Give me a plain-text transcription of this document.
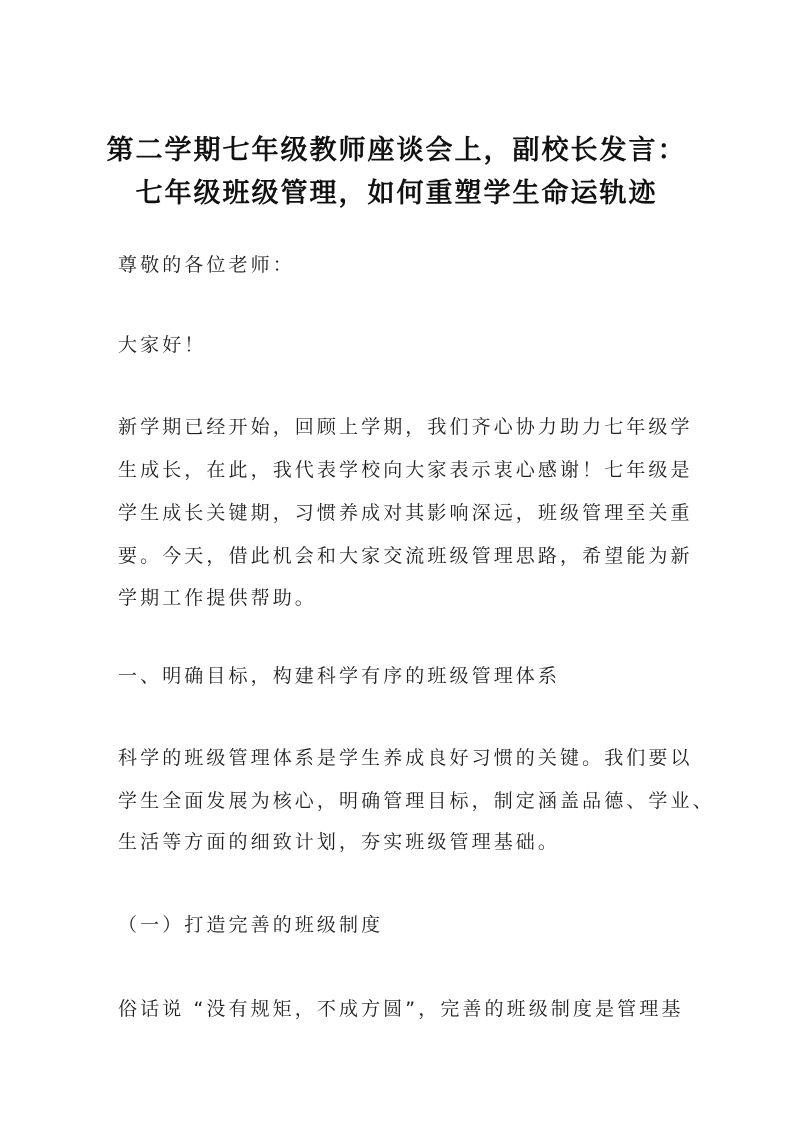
第二学期七年级教师座谈会上，副校长发言：
七年级班级管理，如何重塑学生命运轨迹
尊敬的各位老师：
大家好！
新学期已经开始，回顾上学期，我们齐心协力助力七年级学
生成长，在此，我代表学校向大家表示衷心感谢！七年级是
学生成长关键期，习惯养成对其影响深远，班级管理至关重
要。今天，借此机会和大家交流班级管理思路，希望能为新
学期工作提供帮助。
一、明确目标，构建科学有序的班级管理体系
科学的班级管理体系是学生养成良好习惯的关键。我们要以
学生全面发展为核心，明确管理目标，制定涵盖品德、学业、
生活等方面的细致计划，夯实班级管理基础。
（一）打造完善的班级制度
俗话说 “没有规矩，不成方圆”，完善的班级制度是管理基
